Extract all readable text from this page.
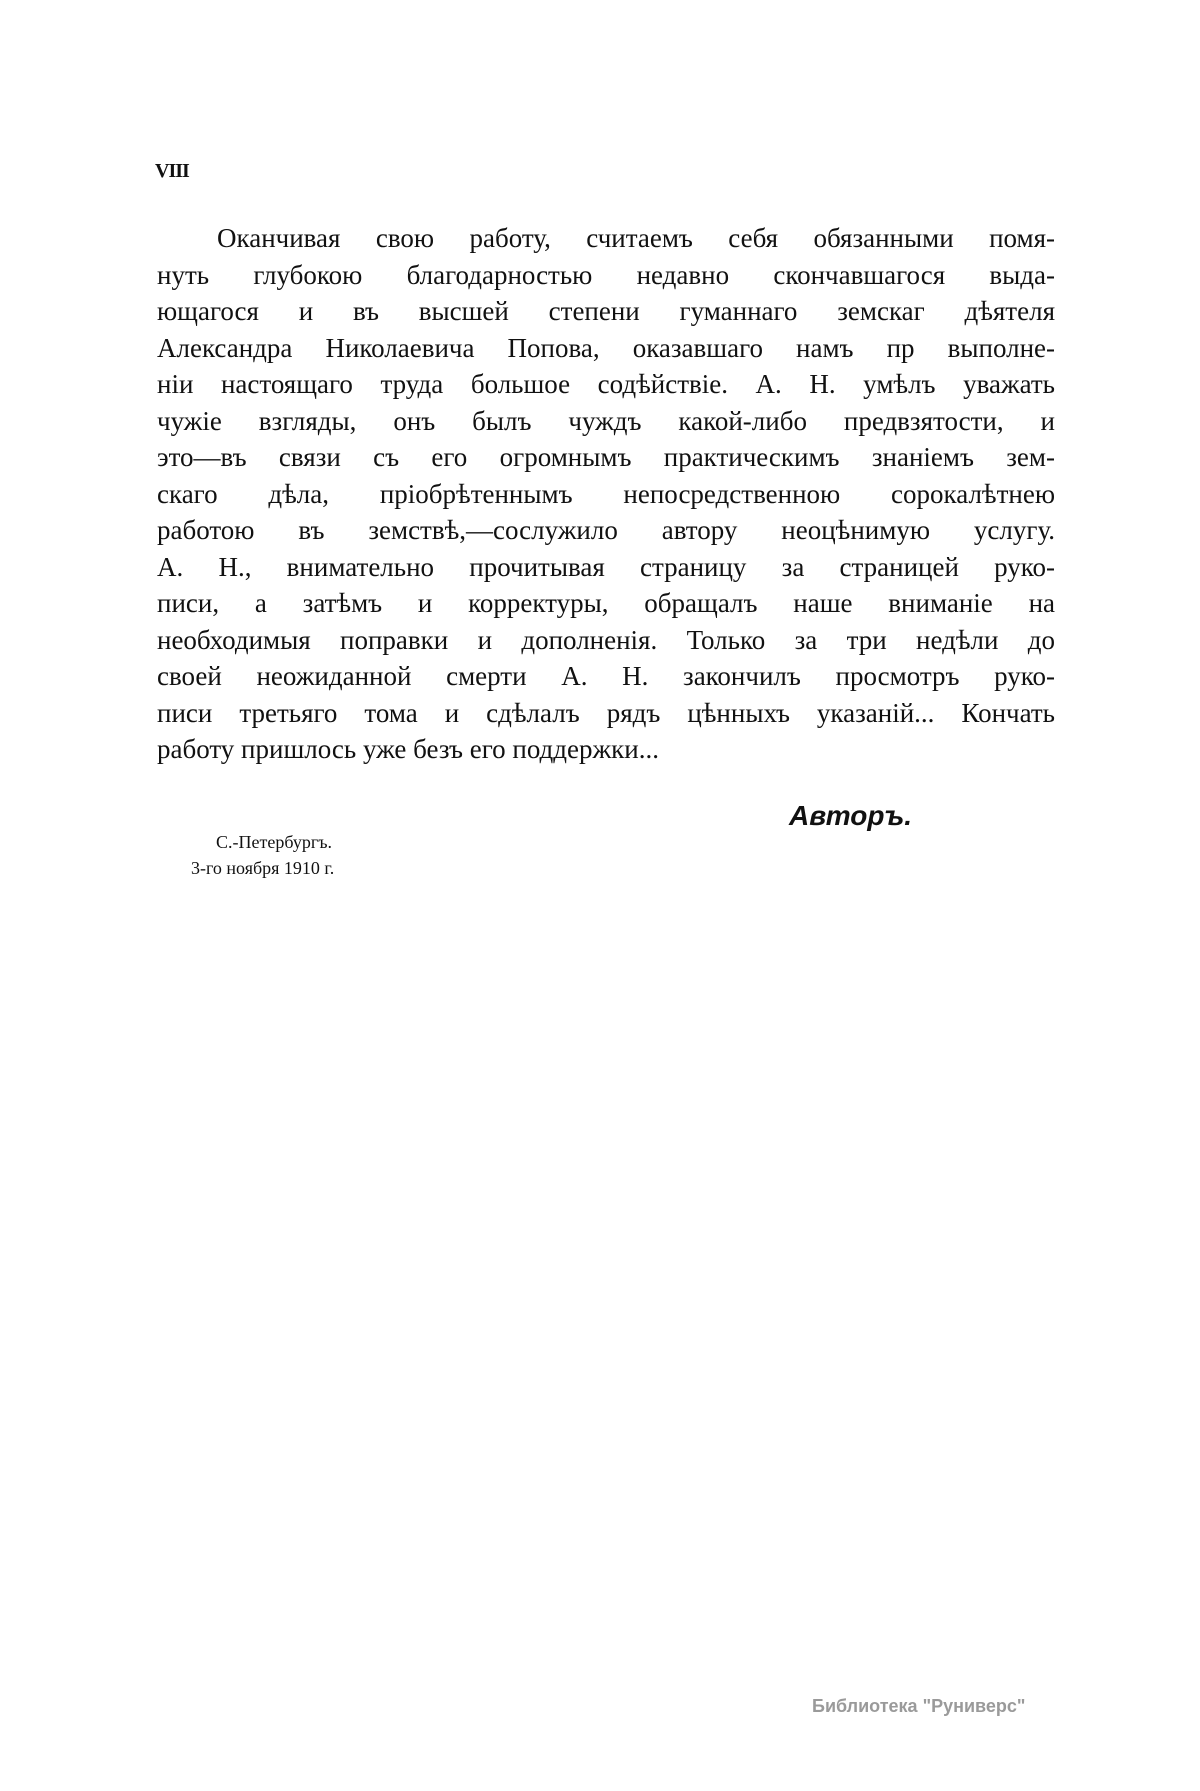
VIII
Оканчивая свою работу, считаемъ себя обязанными помя-
нуть глубокою благодарностью недавно скончавшагося выда-
ющагося и въ высшей степени гуманнаго земскаг дѣятеля
Александра Николаевича Попова, оказавшаго намъ пр выполне-
нiи настоящаго труда большое содѣйствiе. А. Н. умѣлъ уважать
чужiе взгляды, онъ былъ чуждъ какой-либо предвзятости, и
это—въ связи съ его огромнымъ практическимъ знанiемъ зем-
скаго дѣла, прiобрѣтеннымъ непосредственною сорокалѣтнею
работою въ земствѣ,—сослужило автору неоцѣнимую услугу.
А. Н., внимательно прочитывая страницу за страницей руко-
писи, а затѣмъ и корректуры, обращалъ наше вниманiе на
необходимыя поправки и дополненiя. Только за три недѣли до
своей неожиданной смерти А. Н. закончилъ просмотръ руко-
писи третьяго тома и сдѣлалъ рядъ цѣнныхъ указанiй... Кончать
работу пришлось уже безъ его поддержки...
Авторъ.
С.-Петербургъ.
3-го ноября 1910 г.
Библиотека "Руниверс"
